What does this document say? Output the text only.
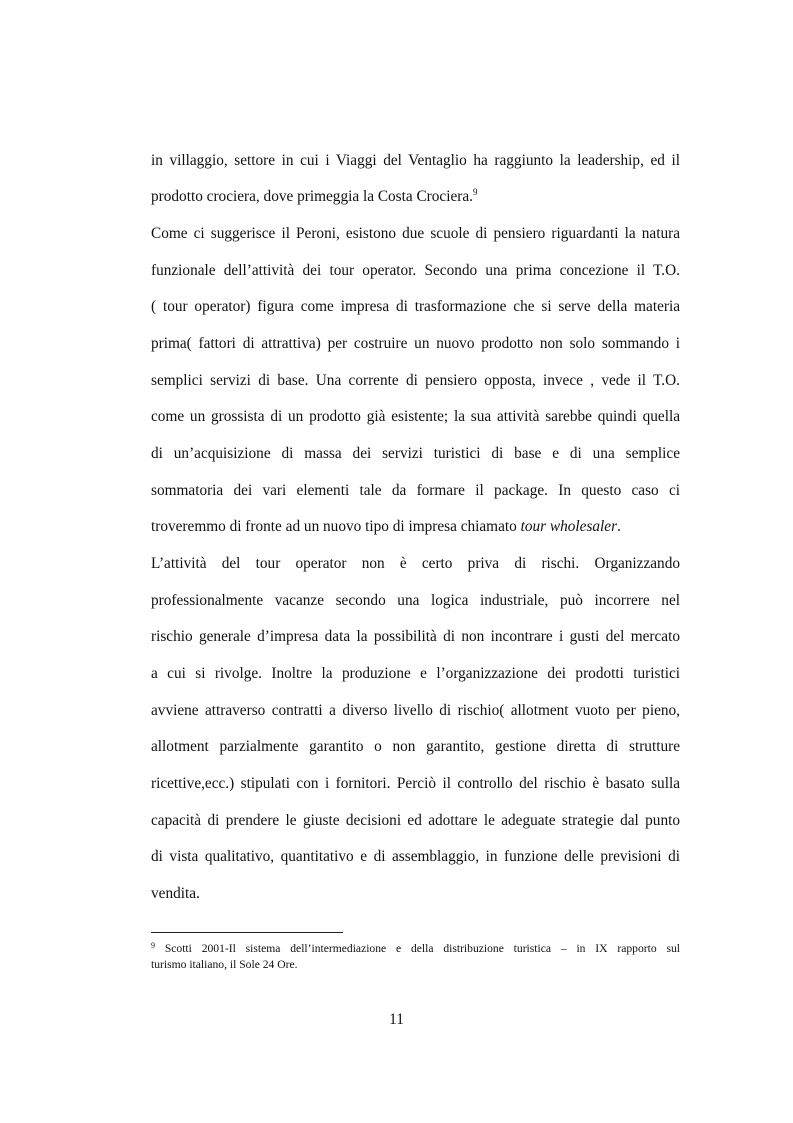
in villaggio, settore in cui i Viaggi del Ventaglio ha raggiunto la leadership, ed il
prodotto crociera, dove primeggia la Costa Crociera.$^9$
Come ci suggerisce il Peroni, esistono due scuole di pensiero riguardanti la natura
funzionale dell’attività dei tour operator. Secondo una prima concezione il T.O.
( tour operator) figura come impresa di trasformazione che si serve della materia
prima( fattori di attrattiva) per costruire un nuovo prodotto non solo sommando i
semplici servizi di base. Una corrente di pensiero opposta, invece , vede il T.O.
come un grossista di un prodotto già esistente; la sua attività sarebbe quindi quella
di un’acquisizione di massa dei servizi turistici di base e di una semplice
sommatoria dei vari elementi tale da formare il package. In questo caso ci
troveremmo di fronte ad un nuovo tipo di impresa chiamato tour wholesaler.
L’attività del tour operator non è certo priva di rischi. Organizzando
professionalmente vacanze secondo una logica industriale, può incorrere nel
rischio generale d’impresa data la possibilità di non incontrare i gusti del mercato
a cui si rivolge. Inoltre la produzione e l’organizzazione dei prodotti turistici
avviene attraverso contratti a diverso livello di rischio( allotment vuoto per pieno,
allotment parzialmente garantito o non garantito, gestione diretta di strutture
ricettive,ecc.) stipulati con i fornitori. Perciò il controllo del rischio è basato sulla
capacità di prendere le giuste decisioni ed adottare le adeguate strategie dal punto
di vista qualitativo, quantitativo e di assemblaggio, in funzione delle previsioni di
vendita.
$^9$ Scotti 2001-Il sistema dell’intermediazione e della distribuzione turistica – in IX rapporto sul
turismo italiano, il Sole 24 Ore.
11
